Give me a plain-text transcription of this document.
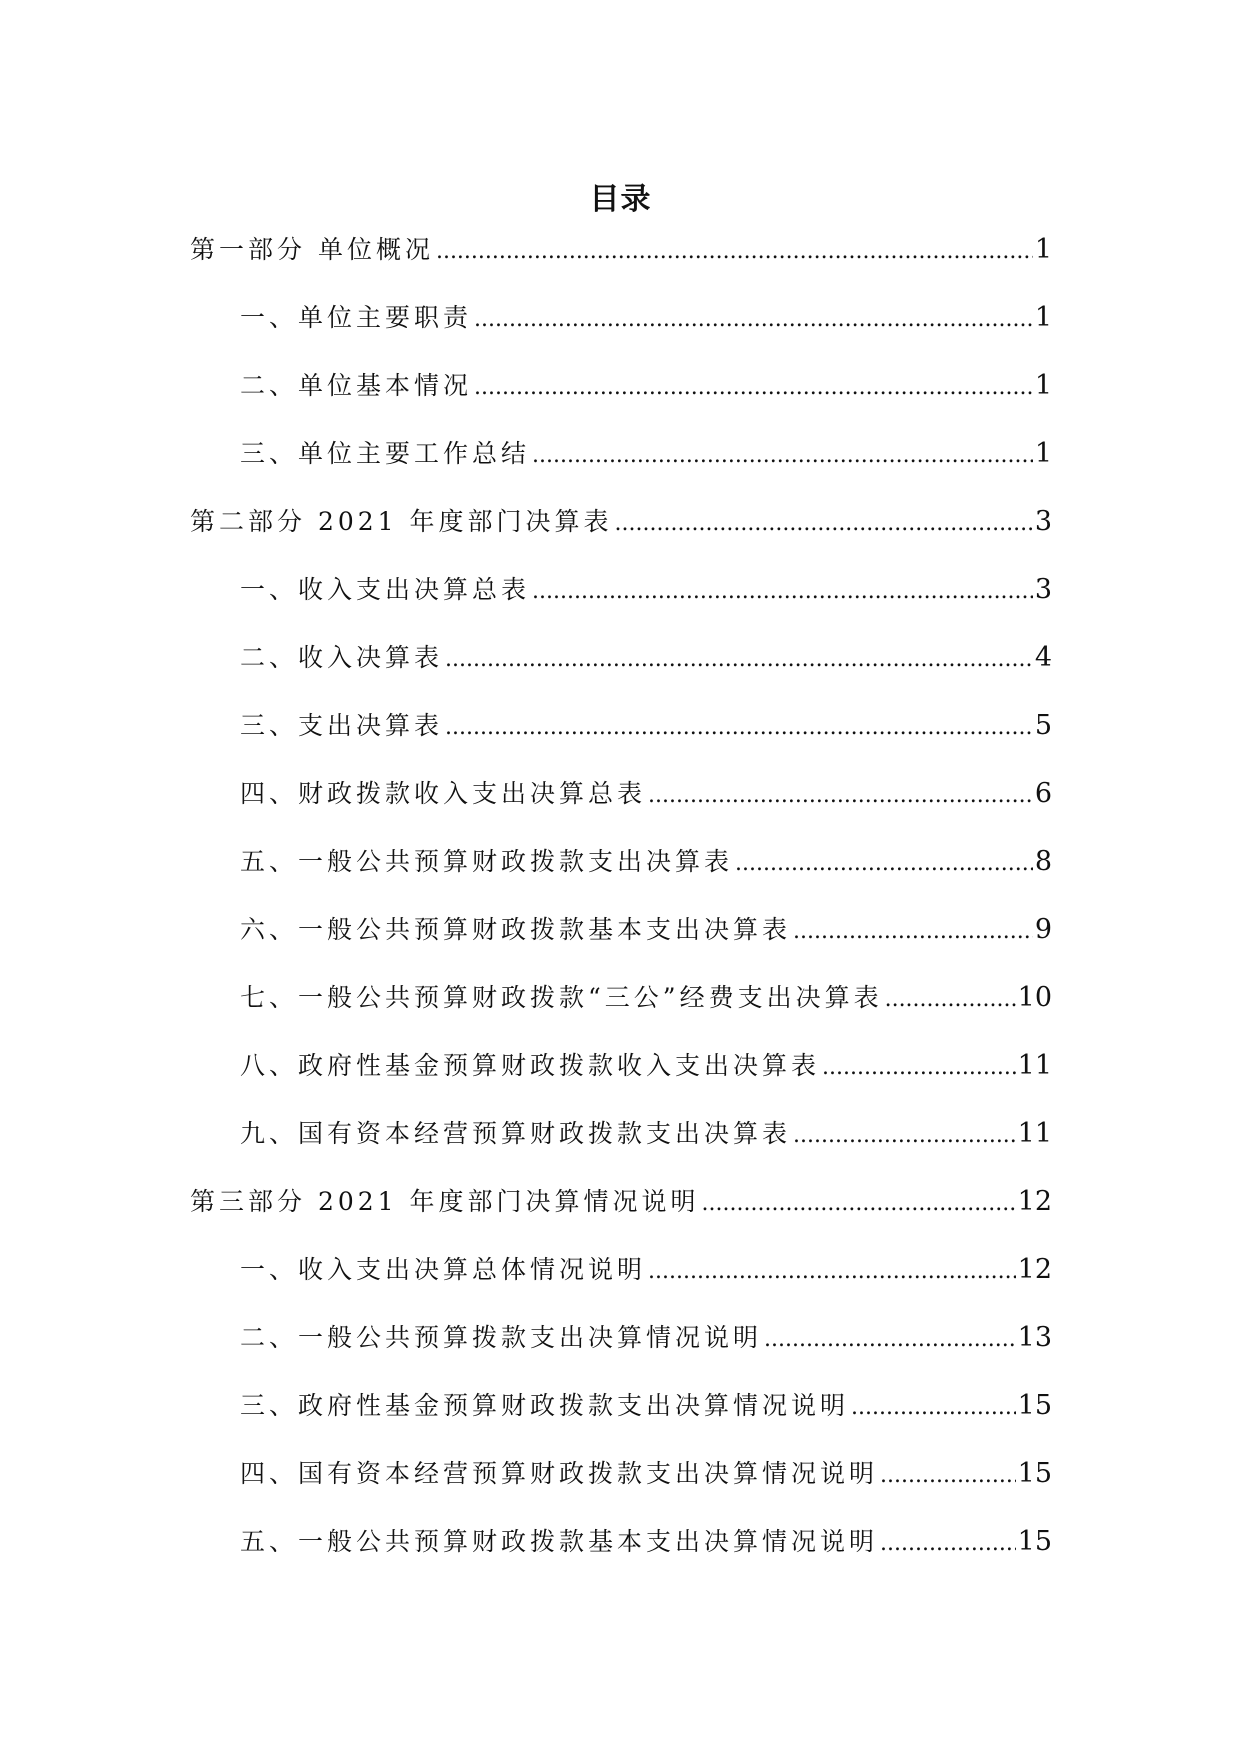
目录
第一部分 单位概况 .....	1
一、单位主要职责 .....	1
二、单位基本情况 .....	1
三、单位主要工作总结 .....	1
第二部分 2021 年度部门决算表 .....	3
一、收入支出决算总表 .....	3
二、收入决算表 .....	4
三、支出决算表 .....	5
四、财政拨款收入支出决算总表 .....	6
五、一般公共预算财政拨款支出决算表 .....	8
六、一般公共预算财政拨款基本支出决算表 .....	9
七、一般公共预算财政拨款“三公”经费支出决算表 .....	10
八、政府性基金预算财政拨款收入支出决算表 .....	11
九、国有资本经营预算财政拨款支出决算表 .....	11
第三部分 2021 年度部门决算情况说明 .....	12
一、收入支出决算总体情况说明 .....	12
二、一般公共预算拨款支出决算情况说明 .....	13
三、政府性基金预算财政拨款支出决算情况说明 .....	15
四、国有资本经营预算财政拨款支出决算情况说明 .....	15
五、一般公共预算财政拨款基本支出决算情况说明 .....	15
